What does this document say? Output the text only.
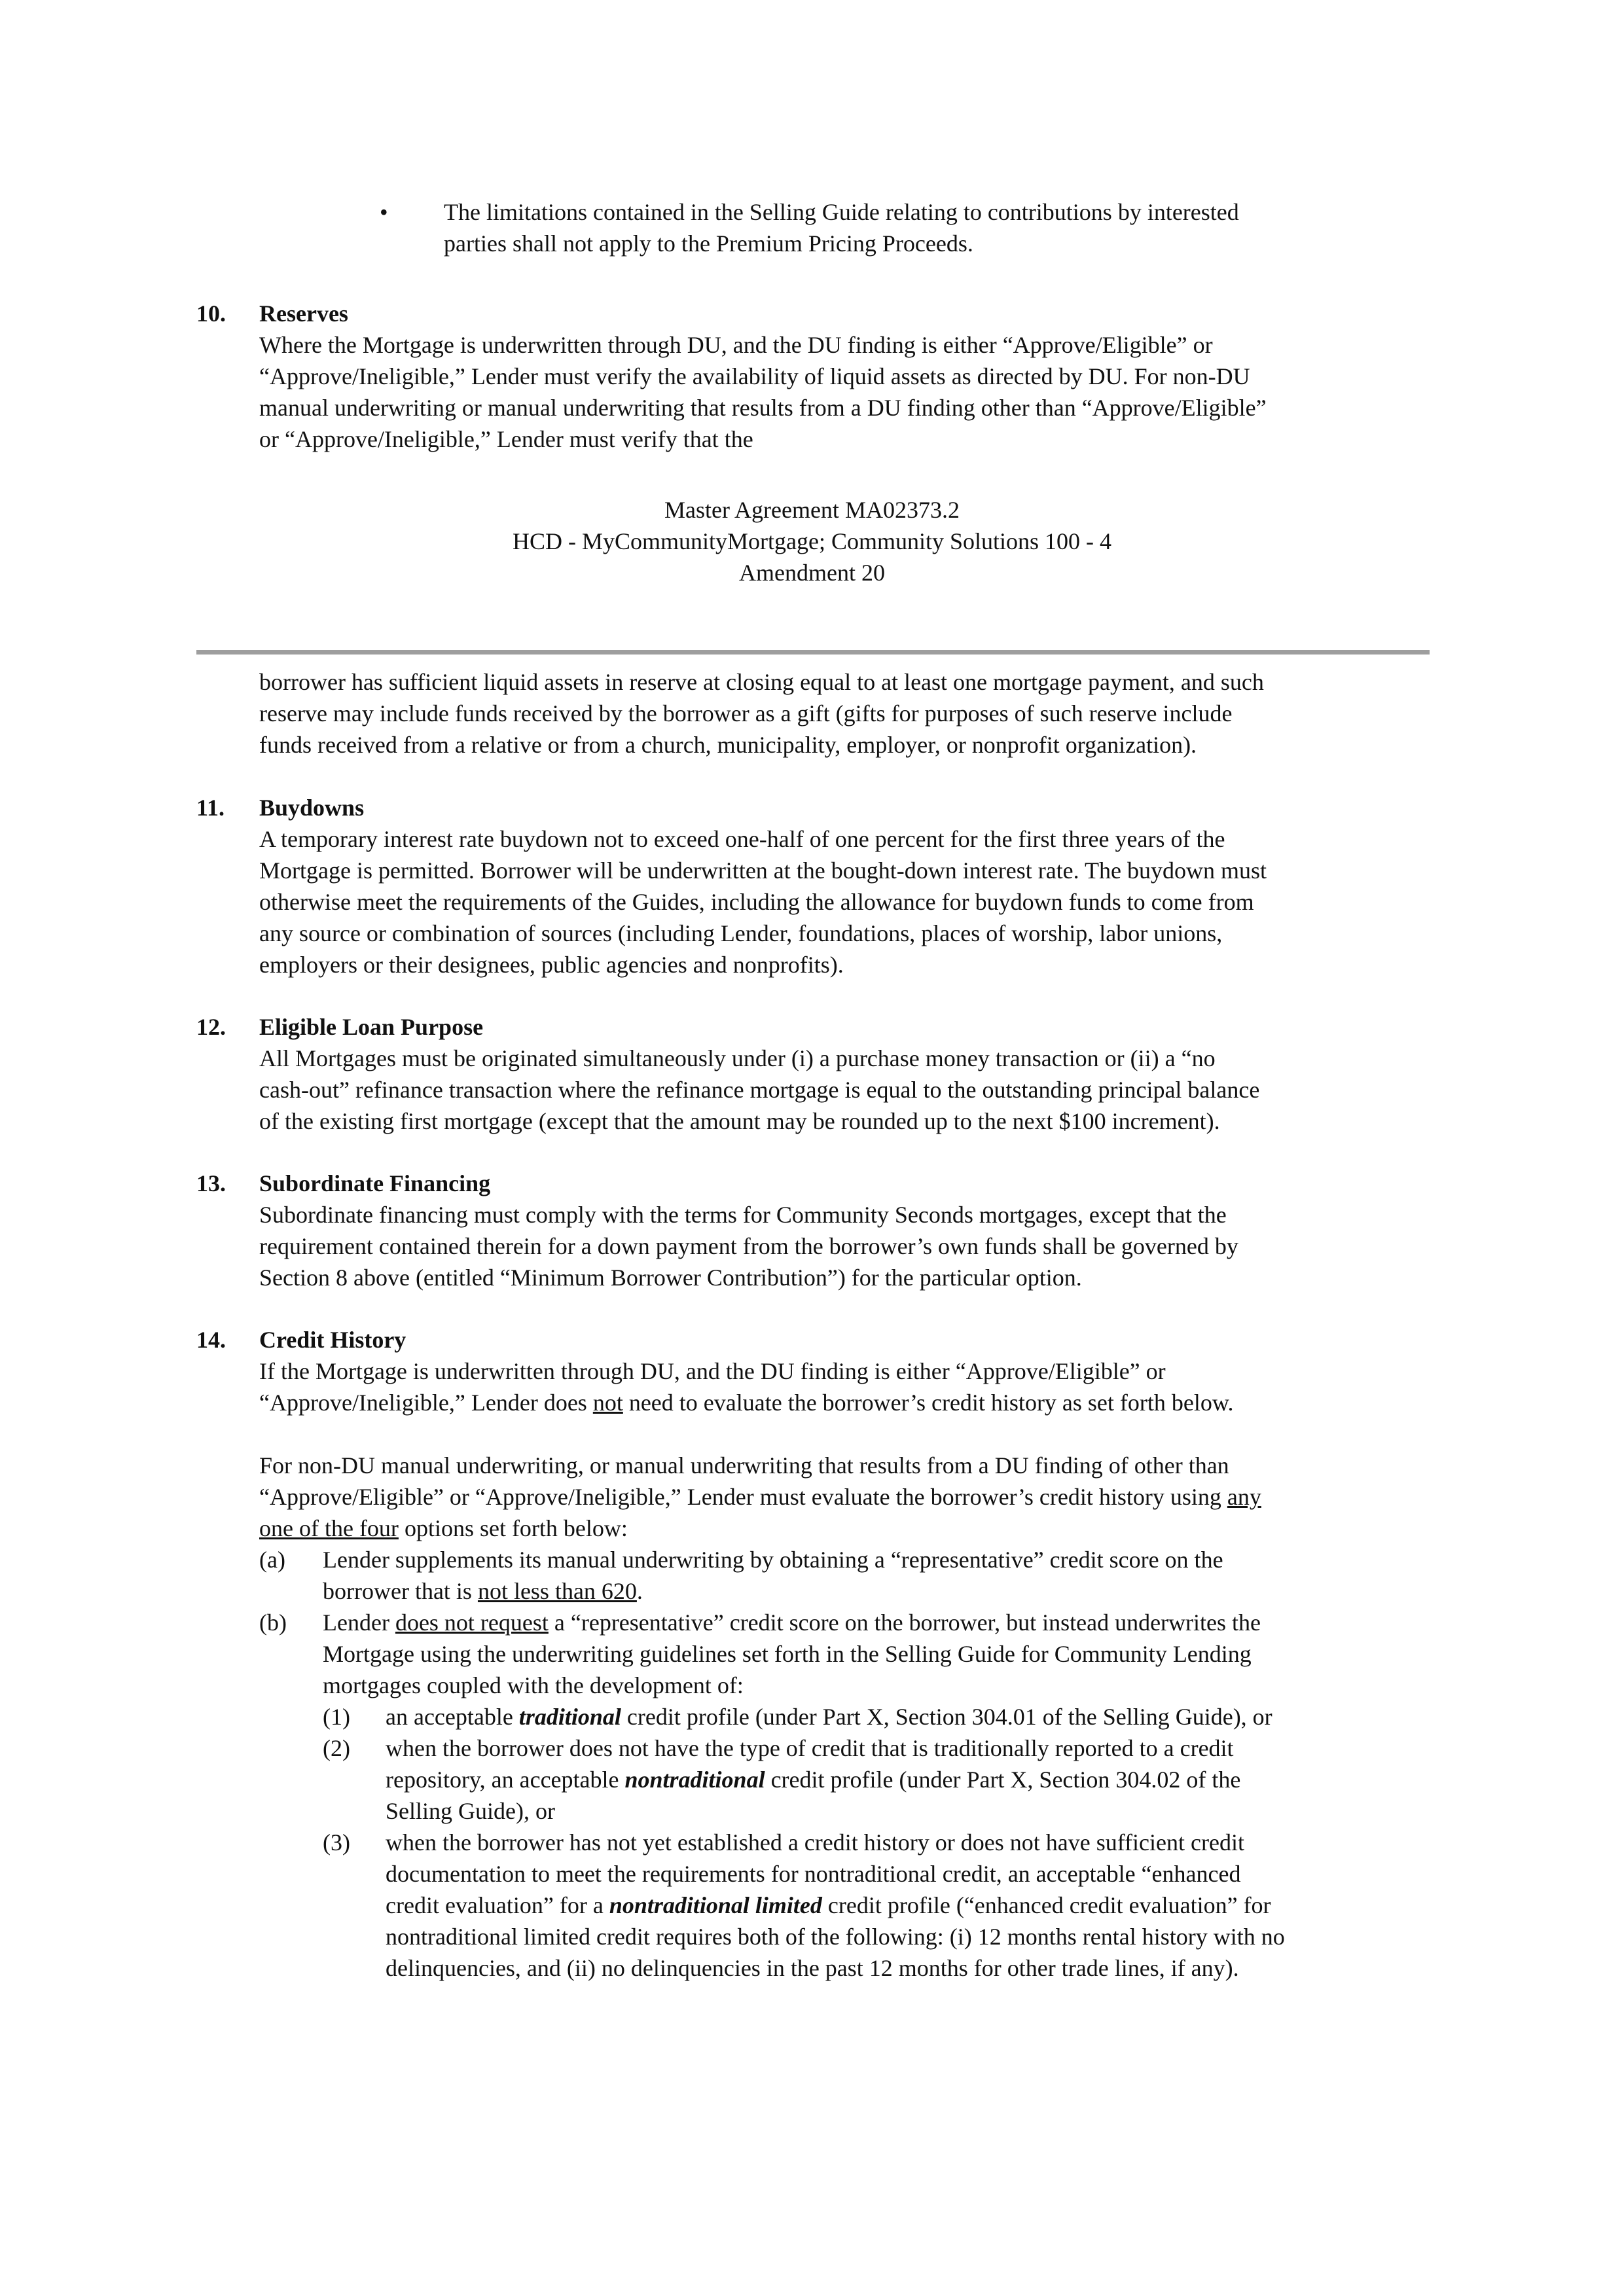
• The limitations contained in the Selling Guide relating to contributions by interested
parties shall not apply to the Premium Pricing Proceeds.
10. Reserves
Where the Mortgage is underwritten through DU, and the DU finding is either “Approve/Eligible” or
“Approve/Ineligible,” Lender must verify the availability of liquid assets as directed by DU. For non-DU
manual underwriting or manual underwriting that results from a DU finding other than “Approve/Eligible”
or “Approve/Ineligible,” Lender must verify that the
Master Agreement MA02373.2
HCD - MyCommunityMortgage; Community Solutions 100 - 4
Amendment 20
borrower has sufficient liquid assets in reserve at closing equal to at least one mortgage payment, and such
reserve may include funds received by the borrower as a gift (gifts for purposes of such reserve include
funds received from a relative or from a church, municipality, employer, or nonprofit organization).
11. Buydowns
A temporary interest rate buydown not to exceed one-half of one percent for the first three years of the
Mortgage is permitted. Borrower will be underwritten at the bought-down interest rate. The buydown must
otherwise meet the requirements of the Guides, including the allowance for buydown funds to come from
any source or combination of sources (including Lender, foundations, places of worship, labor unions,
employers or their designees, public agencies and nonprofits).
12. Eligible Loan Purpose
All Mortgages must be originated simultaneously under (i) a purchase money transaction or (ii) a “no
cash-out” refinance transaction where the refinance mortgage is equal to the outstanding principal balance
of the existing first mortgage (except that the amount may be rounded up to the next $100 increment).
13. Subordinate Financing
Subordinate financing must comply with the terms for Community Seconds mortgages, except that the
requirement contained therein for a down payment from the borrower’s own funds shall be governed by
Section 8 above (entitled “Minimum Borrower Contribution”) for the particular option.
14. Credit History
If the Mortgage is underwritten through DU, and the DU finding is either “Approve/Eligible” or
“Approve/Ineligible,” Lender does not need to evaluate the borrower’s credit history as set forth below.
For non-DU manual underwriting, or manual underwriting that results from a DU finding of other than
“Approve/Eligible” or “Approve/Ineligible,” Lender must evaluate the borrower’s credit history using any
one of the four options set forth below:
(a) Lender supplements its manual underwriting by obtaining a “representative” credit score on the
borrower that is not less than 620.
(b) Lender does not request a “representative” credit score on the borrower, but instead underwrites the
Mortgage using the underwriting guidelines set forth in the Selling Guide for Community Lending
mortgages coupled with the development of:
(1) an acceptable traditional credit profile (under Part X, Section 304.01 of the Selling Guide), or
(2) when the borrower does not have the type of credit that is traditionally reported to a credit
repository, an acceptable nontraditional credit profile (under Part X, Section 304.02 of the
Selling Guide), or
(3) when the borrower has not yet established a credit history or does not have sufficient credit
documentation to meet the requirements for nontraditional credit, an acceptable “enhanced
credit evaluation” for a nontraditional limited credit profile (“enhanced credit evaluation” for
nontraditional limited credit requires both of the following: (i) 12 months rental history with no
delinquencies, and (ii) no delinquencies in the past 12 months for other trade lines, if any).
